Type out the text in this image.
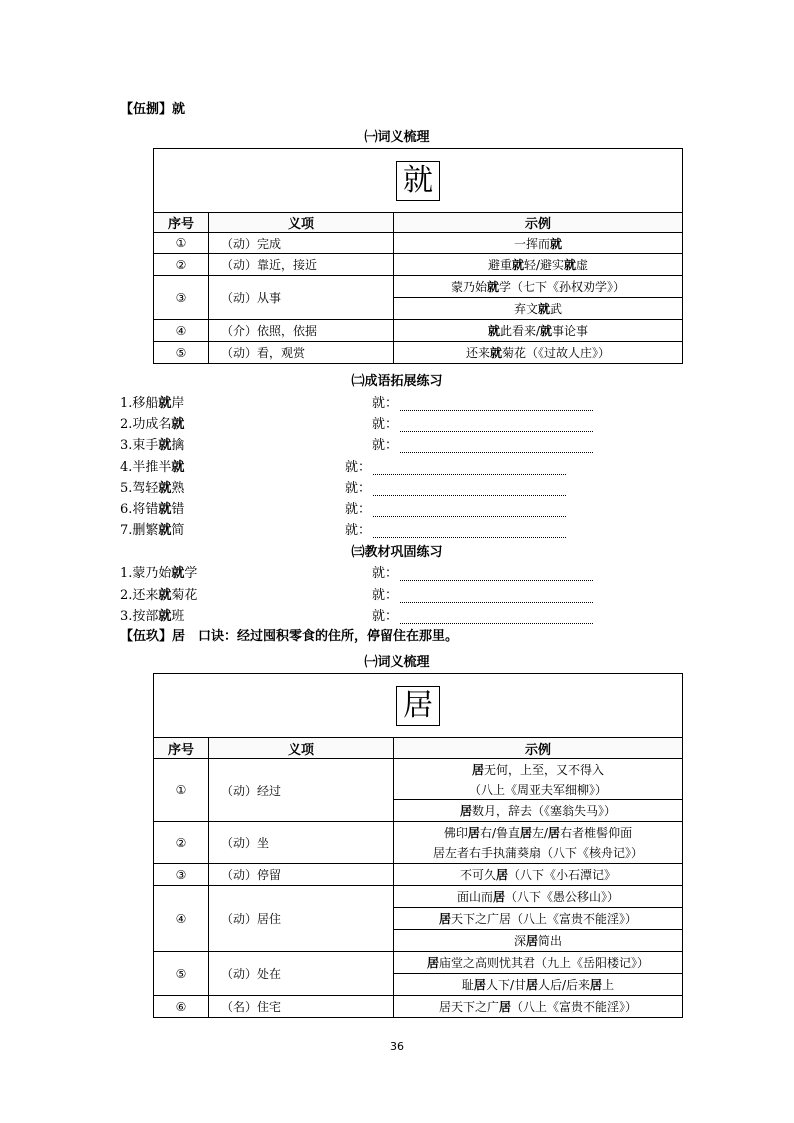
【伍捌】就
㈠词义梳理
就		
序号	义项	示例
①	（动）完成	一挥而就
②	（动）靠近，接近	避重就轻/避实就虚
③	（动）从事	蒙乃始就学（七下《孙权劝学》）
		弃文就武
④	（介）依照，依据	就此看来/就事论事
⑤	（动）看，观赏	还来就菊花（《过故人庄》）
㈡成语拓展练习
1.移船就岸	就：
2.功成名就	就：
3.束手就擒	就：
4.半推半就	就：
5.驾轻就熟	就：
6.将错就错	就：
7.删繁就简	就：
㈢教材巩固练习
1.蒙乃始就学	就：
2.还来就菊花	就：
3.按部就班	就：
【伍玖】居　口诀：经过囤积零食的住所，停留住在那里。
㈠词义梳理
居		
序号	义项	示例
①	（动）经过	居无何，上至，又不得入
		（八上《周亚夫军细柳》）
		居数月，辞去（《塞翁失马》）
②	（动）坐	佛印居右/鲁直居左/居右者椎髻仰面
		居左者右手执蒲葵扇（八下《核舟记》）
③	（动）停留	不可久居（八下《小石潭记》
④	（动）居住	面山而居（八下《愚公移山》）
		居天下之广居（八上《富贵不能淫》）
		深居简出
⑤	（动）处在	居庙堂之高则忧其君（九上《岳阳楼记》）
		耻居人下/甘居人后/后来居上
⑥	（名）住宅	居天下之广居（八上《富贵不能淫》）
36
